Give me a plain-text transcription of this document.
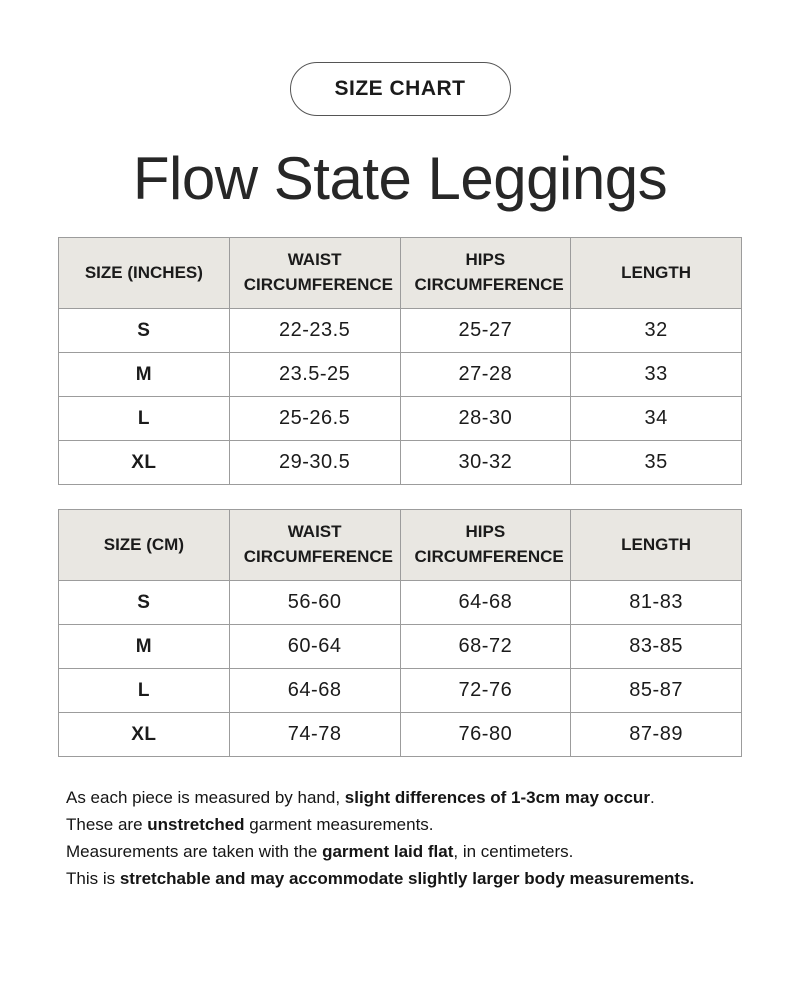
SIZE CHART
Flow State Leggings
SIZE (INCHES)	WAIST CIRCUMFERENCE	HIPS CIRCUMFERENCE	LENGTH
S	22-23.5	25-27	32
M	23.5-25	27-28	33
L	25-26.5	28-30	34
XL	29-30.5	30-32	35
SIZE (CM)	WAIST CIRCUMFERENCE	HIPS CIRCUMFERENCE	LENGTH
S	56-60	64-68	81-83
M	60-64	68-72	83-85
L	64-68	72-76	85-87
XL	74-78	76-80	87-89

As each piece is measured by hand, slight differences of 1-3cm may occur.

These are unstretched garment measurements.

Measurements are taken with the garment laid flat, in centimeters.

This is stretchable and may accommodate slightly larger body measurements.
